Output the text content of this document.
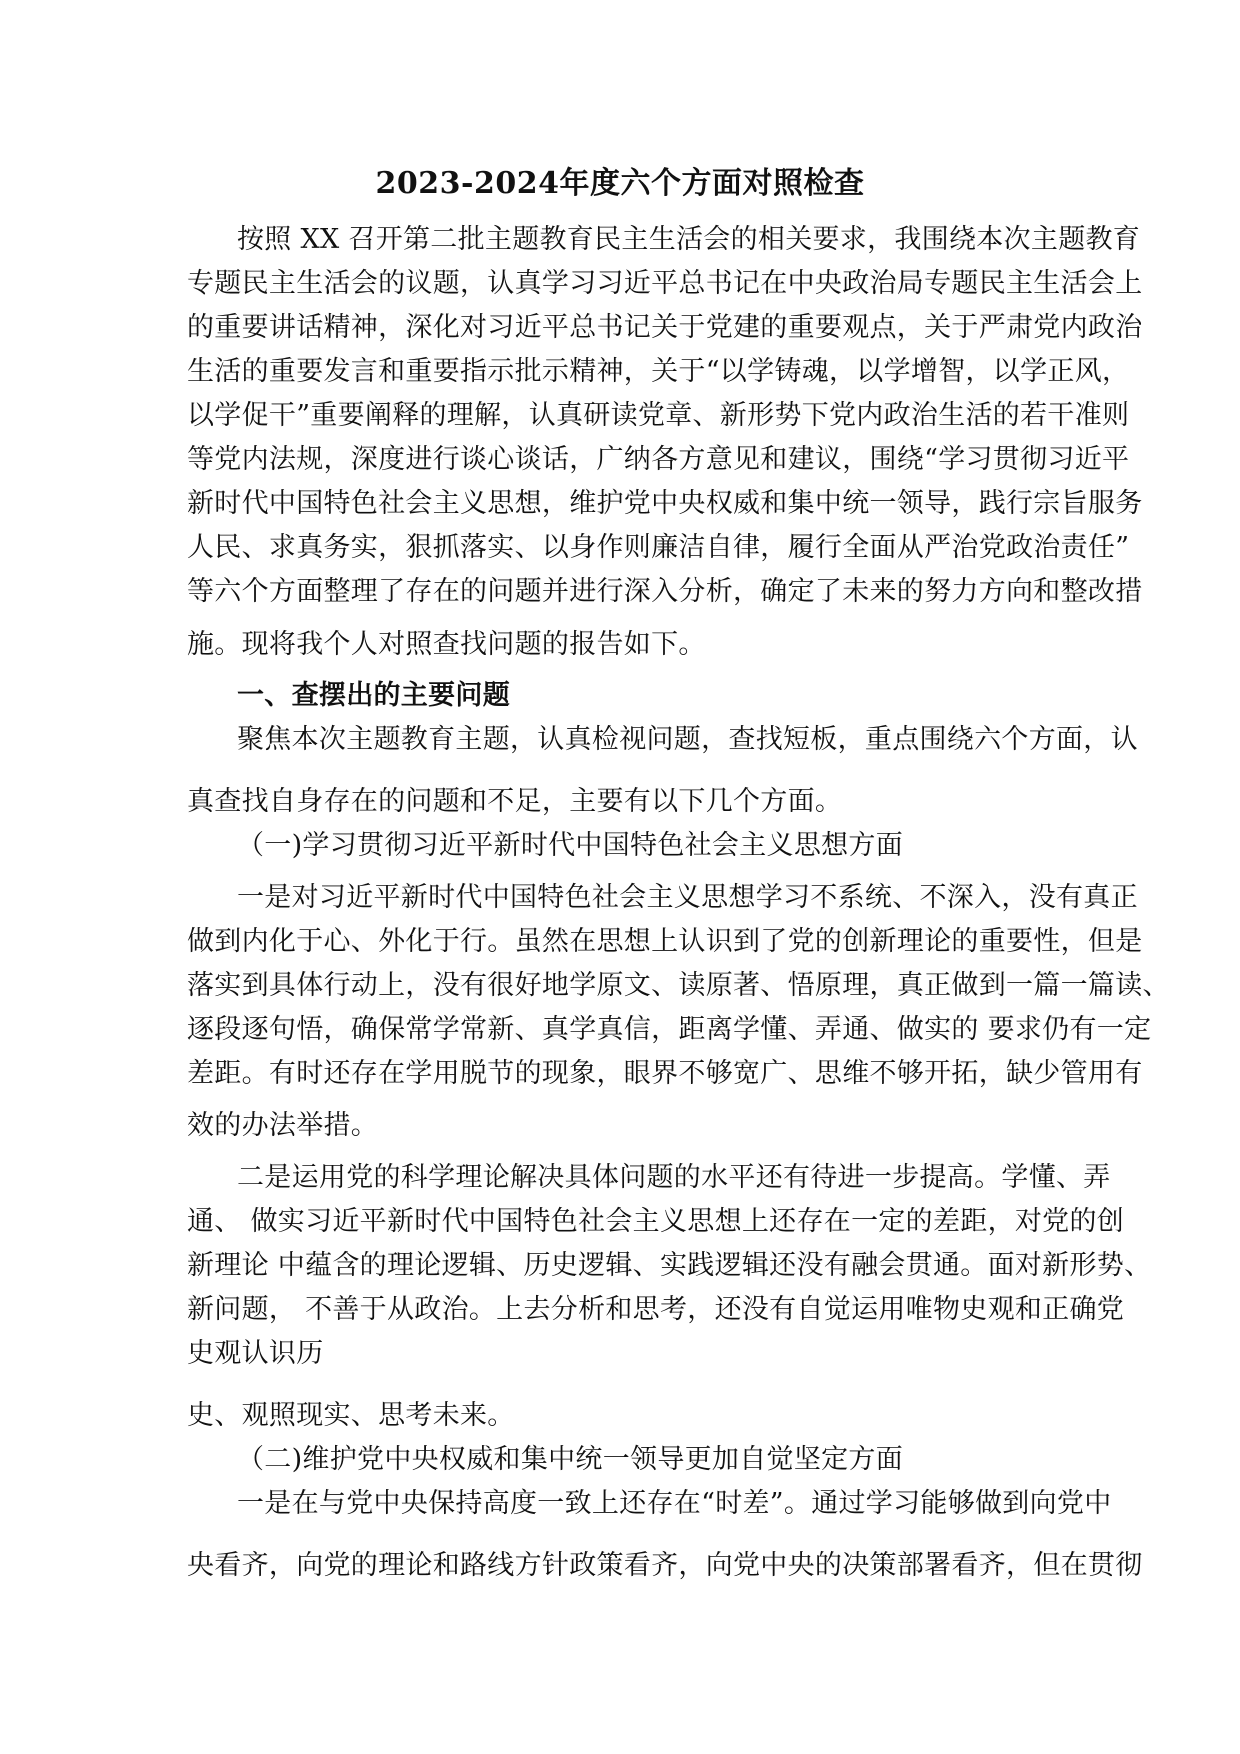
2023-2024年度六个方面对照检查

按照 XX 召开第二批主题教育民主生活会的相关要求，我围绕本次主题教育

专题民主生活会的议题，认真学习习近平总书记在中央政治局专题民主生活会上

的重要讲话精神，深化对习近平总书记关于党建的重要观点，关于严肃党内政治

生活的重要发言和重要指示批示精神，关于“以学铸魂，以学增智，以学正风，

以学促干”重要阐释的理解，认真研读党章、新形势下党内政治生活的若干准则

等党内法规，深度进行谈心谈话，广纳各方意见和建议，围绕“学习贯彻习近平

新时代中国特色社会主义思想，维护党中央权威和集中统一领导，践行宗旨服务

人民、求真务实，狠抓落实、以身作则廉洁自律，履行全面从严治党政治责任”

等六个方面整理了存在的问题并进行深入分析，确定了未来的努力方向和整改措

施。现将我个人对照查找问题的报告如下。

一、查摆出的主要问题

聚焦本次主题教育主题，认真检视问题，查找短板，重点围绕六个方面，认

真查找自身存在的问题和不足，主要有以下几个方面。

（一)学习贯彻习近平新时代中国特色社会主义思想方面

一是对习近平新时代中国特色社会主义思想学习不系统、不深入，没有真正

做到内化于心、外化于行。虽然在思想上认识到了党的创新理论的重要性，但是

落实到具体行动上，没有很好地学原文、读原著、悟原理，真正做到一篇一篇读、

逐段逐句悟，确保常学常新、真学真信，距离学懂、弄通、做实的 要求仍有一定

差距。有时还存在学用脱节的现象，眼界不够宽广、思维不够开拓，缺少管用有

效的办法举措。

二是运用党的科学理论解决具体问题的水平还有待进一步提高。学懂、弄

通、 做实习近平新时代中国特色社会主义思想上还存在一定的差距，对党的创

新理论 中蕴含的理论逻辑、历史逻辑、实践逻辑还没有融会贯通。面对新形势、

新问题， 不善于从政治。上去分析和思考，还没有自觉运用唯物史观和正确党

史观认识历

史、观照现实、思考未来。

（二)维护党中央权威和集中统一领导更加自觉坚定方面

一是在与党中央保持高度一致上还存在“时差”。通过学习能够做到向党中

央看齐，向党的理论和路线方针政策看齐，向党中央的决策部署看齐，但在贯彻
